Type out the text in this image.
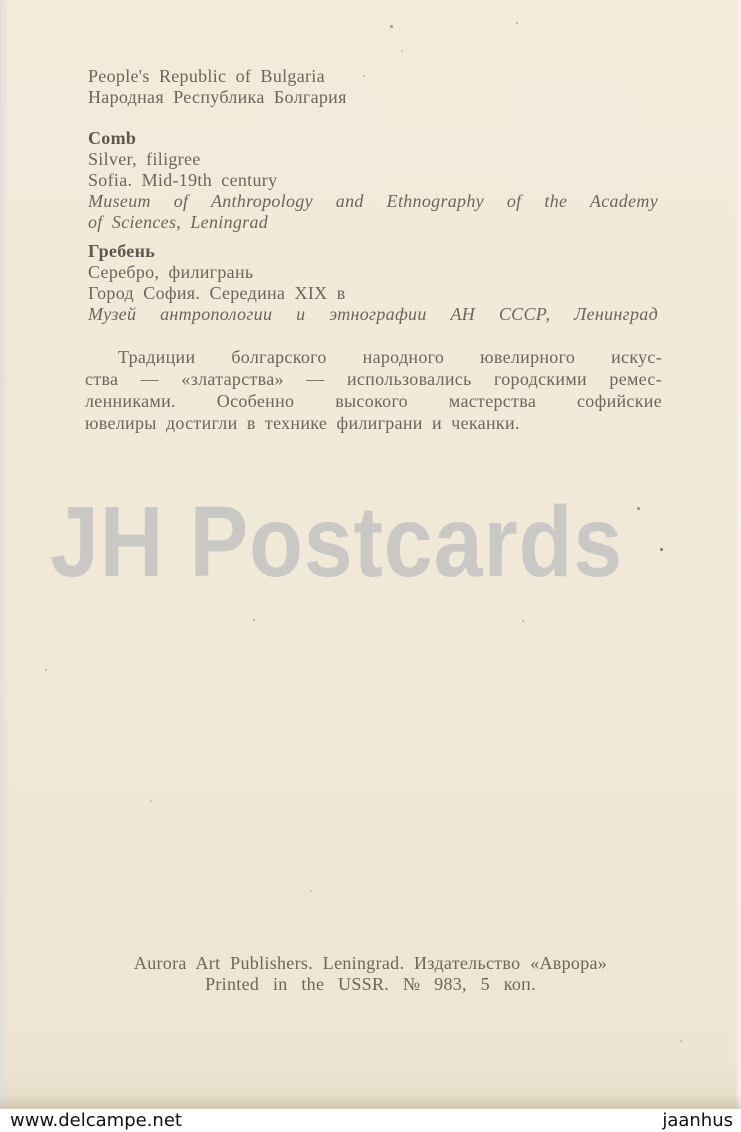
People's Republic of Bulgaria
Народная Республика Болгария
Comb
Silver, filigree
Sofia. Mid-19th century
Museum of Anthropology and Ethnography of the Academy
of Sciences, Leningrad
Гребень
Серебро, филигрань
Город София. Середина XIX в
Музей антропологии и этнографии АН СССР, Ленинград
Традиции болгарского народного ювелирного искус-
ства — «златарства» — использовались городскими ремес-
ленниками. Особенно высокого мастерства софийские
ювелиры достигли в технике филиграни и чеканки.
JH Postcards
Aurora Art Publishers. Leningrad. Издательство «Аврора»
Printed in the USSR. № 983, 5 коп.
www.delcampe.net	jaanhus
